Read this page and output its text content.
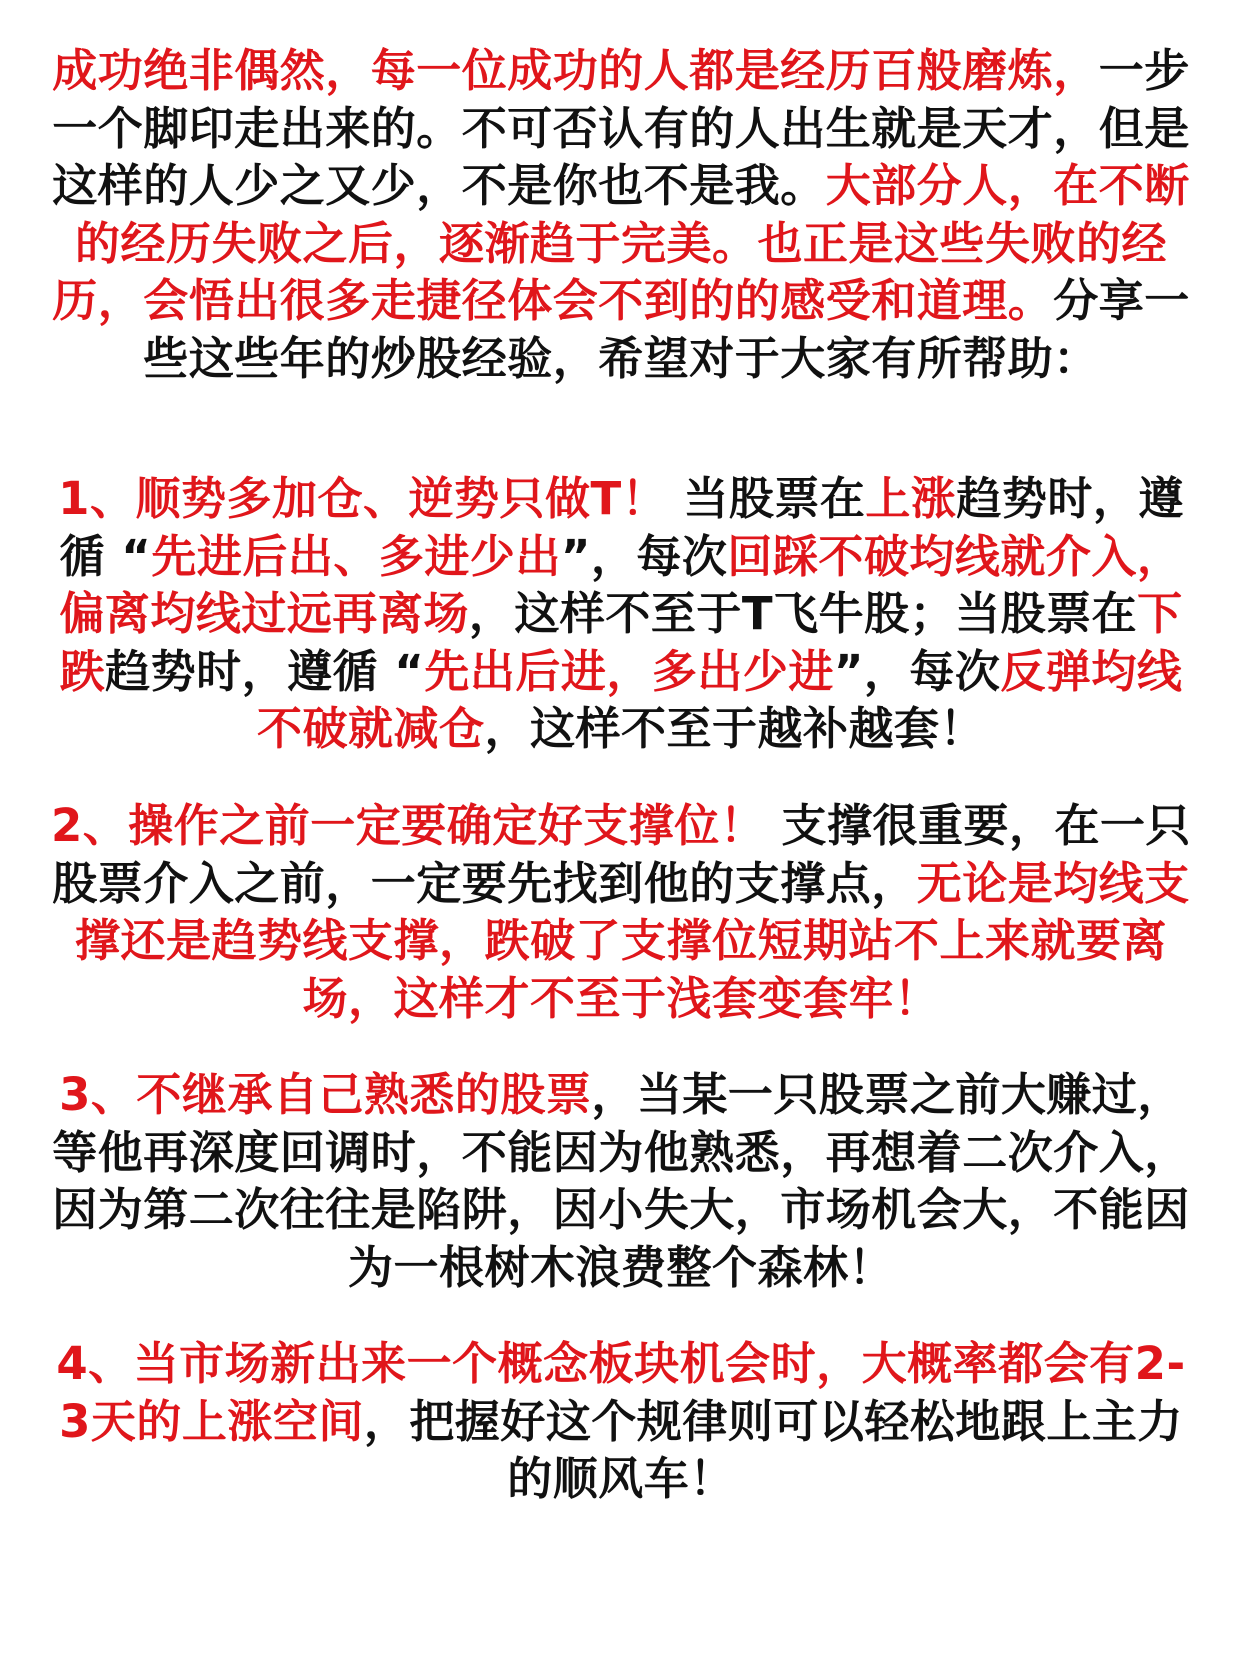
成功绝非偶然，每一位成功的人都是经历百般磨炼，一步一个脚印走出来的。不可否认有的人出生就是天才，但是这样的人少之又少，不是你也不是我。大部分人，在不断的经历失败之后，逐渐趋于完美。也正是这些失败的经历，会悟出很多走捷径体会不到的的感受和道理。分享一些这些年的炒股经验，希望对于大家有所帮助：
1、顺势多加仓、逆势只做T！ 当股票在上涨趋势时，遵循 “先进后出、多进少出”，每次回踩不破均线就介入，偏离均线过远再离场，这样不至于T飞牛股；当股票在下跌趋势时，遵循 “先出后进，多出少进”，每次反弹均线不破就减仓，这样不至于越补越套！
2、操作之前一定要确定好支撑位！ 支撑很重要，在一只股票介入之前，一定要先找到他的支撑点，无论是均线支撑还是趋势线支撑，跌破了支撑位短期站不上来就要离场，这样才不至于浅套变套牢！
3、不继承自己熟悉的股票，当某一只股票之前大赚过，等他再深度回调时，不能因为他熟悉，再想着二次介入，因为第二次往往是陷阱，因小失大，市场机会大，不能因为一根树木浪费整个森林！
4、当市场新出来一个概念板块机会时，大概率都会有2-3天的上涨空间，把握好这个规律则可以轻松地跟上主力的顺风车！
